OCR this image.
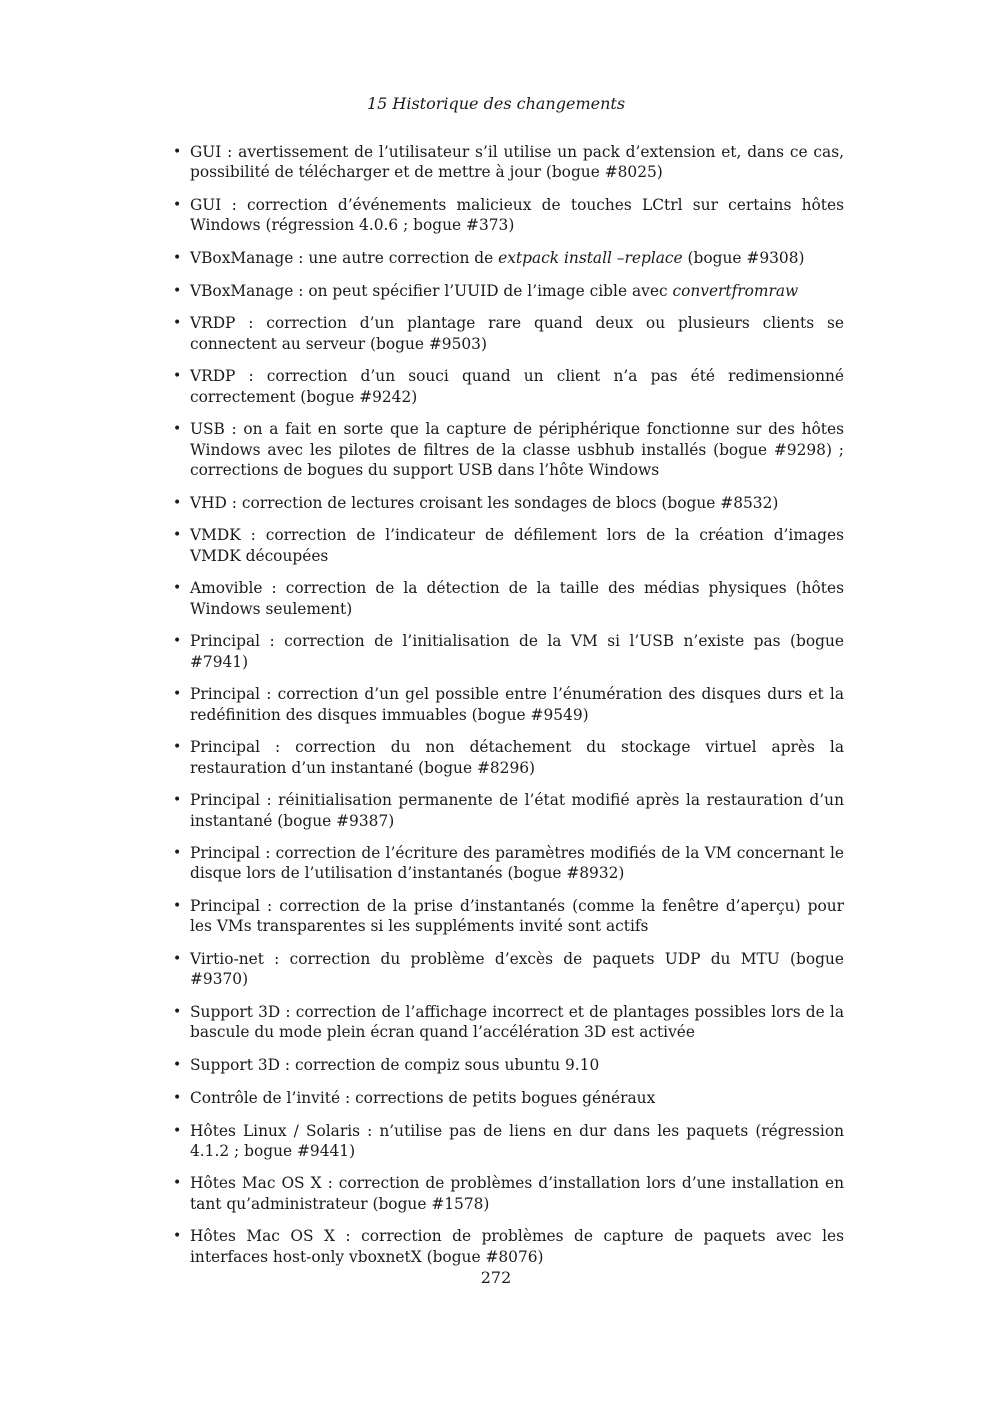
15 Historique des changements
• GUI : avertissement de l’utilisateur s’il utilise un pack d’extension et, dans ce cas, possibilité de télécharger et de mettre à jour (bogue #8025)
• GUI : correction d’événements malicieux de touches LCtrl sur certains hôtes Windows (régression 4.0.6 ; bogue #373)
• VBoxManage : une autre correction de extpack install –replace (bogue #9308)
• VBoxManage : on peut spécifier l’UUID de l’image cible avec convertfromraw
• VRDP : correction d’un plantage rare quand deux ou plusieurs clients se connectent au serveur (bogue #9503)
• VRDP : correction d’un souci quand un client n’a pas été redimensionné correctement (bogue #9242)
• USB : on a fait en sorte que la capture de périphérique fonctionne sur des hôtes Windows avec les pilotes de filtres de la classe usbhub installés (bogue #9298) ; corrections de bogues du support USB dans l’hôte Windows
• VHD : correction de lectures croisant les sondages de blocs (bogue #8532)
• VMDK : correction de l’indicateur de défilement lors de la création d’images VMDK découpées
• Amovible : correction de la détection de la taille des médias physiques (hôtes Windows seulement)
• Principal : correction de l’initialisation de la VM si l’USB n’existe pas (bogue #7941)
• Principal : correction d’un gel possible entre l’énumération des disques durs et la redéfinition des disques immuables (bogue #9549)
• Principal : correction du non détachement du stockage virtuel après la restauration d’un instantané (bogue #8296)
• Principal : réinitialisation permanente de l’état modifié après la restauration d’un instantané (bogue #9387)
• Principal : correction de l’écriture des paramètres modifiés de la VM concernant le disque lors de l’utilisation d’instantanés (bogue #8932)
• Principal : correction de la prise d’instantanés (comme la fenêtre d’aperçu) pour les VMs transparentes si les suppléments invité sont actifs
• Virtio-net : correction du problème d’excès de paquets UDP du MTU (bogue #9370)
• Support 3D : correction de l’affichage incorrect et de plantages possibles lors de la bascule du mode plein écran quand l’accélération 3D est activée
• Support 3D : correction de compiz sous ubuntu 9.10
• Contrôle de l’invité : corrections de petits bogues généraux
• Hôtes Linux / Solaris : n’utilise pas de liens en dur dans les paquets (régression 4.1.2 ; bogue #9441)
• Hôtes Mac OS X : correction de problèmes d’installation lors d’une installation en tant qu’administrateur (bogue #1578)
• Hôtes Mac OS X : correction de problèmes de capture de paquets avec les interfaces host-only vboxnetX (bogue #8076)
272
